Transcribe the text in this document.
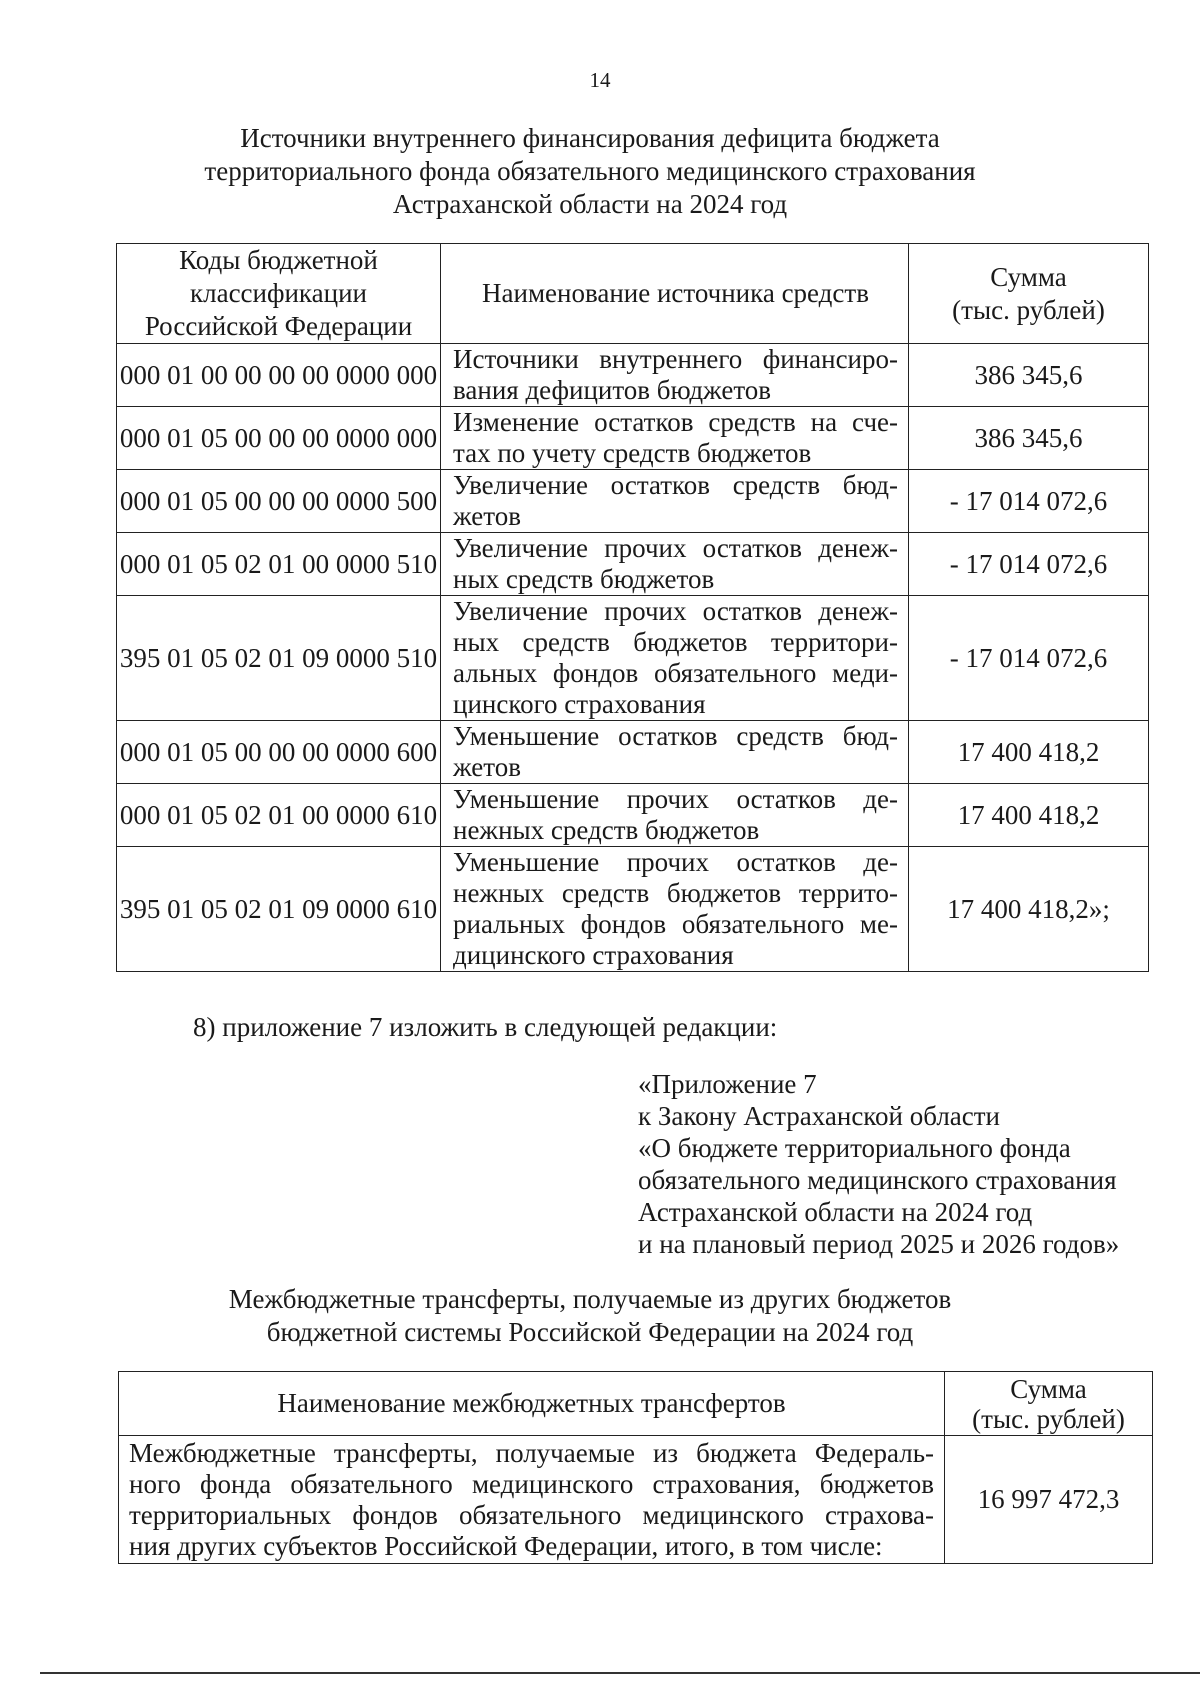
14
Источники внутреннего финансирования дефицита бюджета
территориального фонда обязательного медицинского страхования
Астраханской области на 2024 год
Коды бюджетной
классификации
Российской Федерации	Наименование источника средств	Сумма
(тыс. рублей)

000 01 00 00 00 00 0000 000	Источники внутреннего финансиро-
вания дефицитов бюджетов	386 345,6
000 01 05 00 00 00 0000 000	Изменение остатков средств на сче-
тах по учету средств бюджетов	386 345,6
000 01 05 00 00 00 0000 500	Увеличение остатков средств бюд-
жетов	- 17 014 072,6
000 01 05 02 01 00 0000 510	Увеличение прочих остатков денеж-
ных средств бюджетов	- 17 014 072,6
395 01 05 02 01 09 0000 510	Увеличение прочих остатков денеж-
ных средств бюджетов территори-
альных фондов обязательного меди-
цинского страхования	- 17 014 072,6
000 01 05 00 00 00 0000 600	Уменьшение остатков средств бюд-
жетов	17 400 418,2
000 01 05 02 01 00 0000 610	Уменьшение прочих остатков де-
нежных средств бюджетов	17 400 418,2
395 01 05 02 01 09 0000 610	Уменьшение прочих остатков де-
нежных средств бюджетов террито-
риальных фондов обязательного ме-
дицинского страхования	17 400 418,2»;
8) приложение 7 изложить в следующей редакции:
«Приложение 7
к Закону Астраханской области
«О бюджете территориального фонда
обязательного медицинского страхования
Астраханской области на 2024 год
и на плановый период 2025 и 2026 годов»
Межбюджетные трансферты, получаемые из других бюджетов
бюджетной системы Российской Федерации на 2024 год
Наименование межбюджетных трансфертов	Сумма
(тыс. рублей)

Межбюджетные трансферты, получаемые из бюджета Федераль-
ного фонда обязательного медицинского страхования, бюджетов
территориальных фондов обязательного медицинского страхова-
ния других субъектов Российской Федерации, итого, в том числе:	16 997 472,3
